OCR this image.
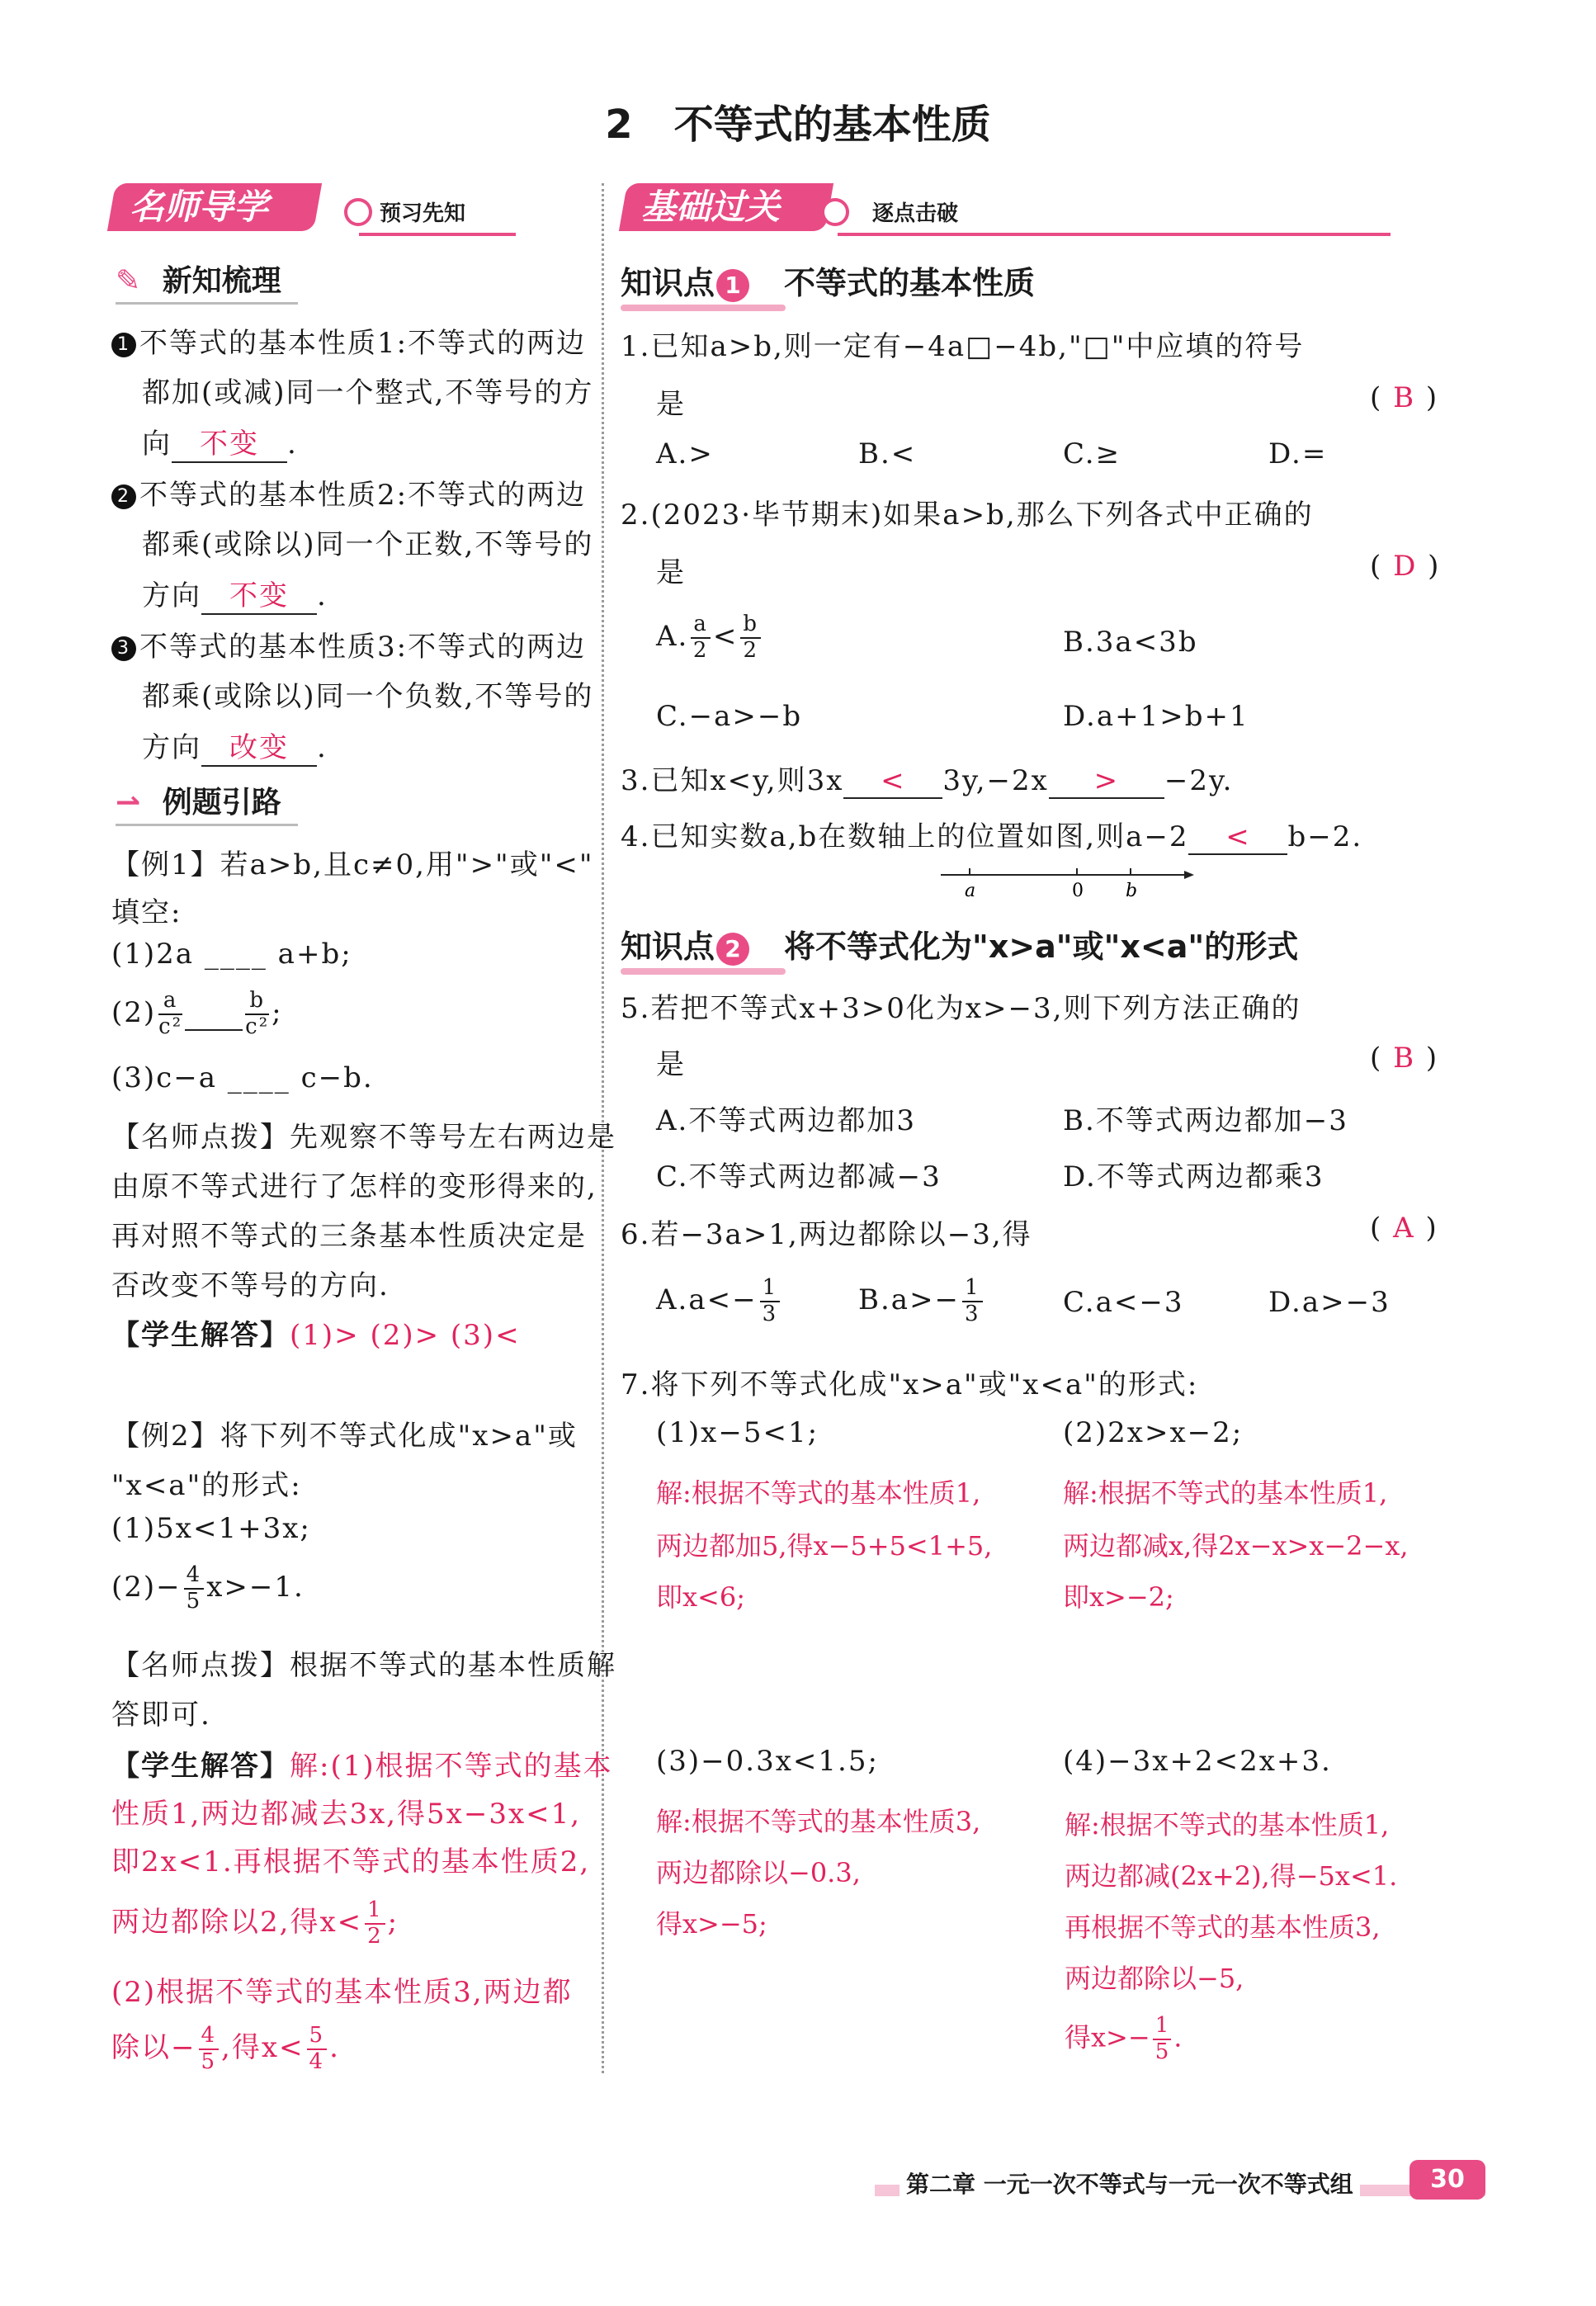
2 不等式的基本性质
名师导学	预习先知	基础过关	逐点击破
✎ 新知梳理
1 不等式的基本性质1:不等式的两边
都加(或减)同一个整式,不等号的方
向 不变 .
2 不等式的基本性质2:不等式的两边
都乘(或除以)同一个正数,不等号的
方向 不变 .
3 不等式的基本性质3:不等式的两边
都乘(或除以)同一个负数,不等号的
方向 改变 .
⇀ 例题引路
【例1】若a>b,且c≠0,用">"或"<"
填空:
(1)2a ____ a+b;
$(2) \frac{a}{\text{c²}}$
	$\frac{b}{\text{c²}}$ ;
(3)c−a ____ c−b.
【名师点拨】先观察不等号左右两边是
由原不等式进行了怎样的变形得来的,
再对照不等式的三条基本性质决定是
否改变不等号的方向.
【学生解答】(1)> (2)> (3)<
【例2】将下列不等式化成"x>a"或
"x<a"的形式:
(1)5x<1+3x;
$(2)- \frac{4}{5} x>-1$.
【名师点拨】根据不等式的基本性质解
答即可.
【学生解答】解:(1)根据不等式的基本
性质1,两边都减去3x,得5x−3x<1,
即2x<1.再根据不等式的基本性质2,
两边都除以2,得$x< \frac{1}{2}$ ;
(2)根据不等式的基本性质3,两边都
除以− $\frac{4}{5}$ ,得$x< \frac{5}{4}$ .
知识点 1 不等式的基本性质
1.已知a>b,则一定有−4a□−4b,"□"中应填的符号
是	( B )
A.>	B.<	C.≥	D.=
2.(2023·毕节期末)如果a>b,那么下列各式中正确的
是	( D )
A. $\frac{a}{2} < \frac{b}{2}$	B.3a<3b
C.−a>−b	D.a+1>b+1
3.已知x<y,则3x < 3y,−2x > −2y.
4.已知实数a,b在数轴上的位置如图,则a−2 < b−2.
a	0 b
知识点 2 将不等式化为"x>a"或"x<a"的形式
5.若把不等式x+3>0化为x>−3,则下列方法正确的
是	( B )
A.不等式两边都加3	B.不等式两边都加−3
C.不等式两边都减−3	D.不等式两边都乘3
6.若−3a>1,两边都除以−3,得	( A )
$A.a<- \frac{1}{3}$	$B.a>- \frac{1}{3}$	C.a<−3	D.a>−3
7.将下列不等式化成"x>a"或"x<a"的形式:
(1)x−5<1;
解:根据不等式的基本性质1,
两边都加5,得x−5+5<1+5,
即x<6;
(2)2x>x−2;
解:根据不等式的基本性质1,
两边都减x,得2x−x>x−2−x,
即x>−2;
(3)−0.3x<1.5;
解:根据不等式的基本性质3,
两边都除以−0.3,
得x>−5;
(4)−3x+2<2x+3.
解:根据不等式的基本性质1,
两边都减(2x+2),得−5x<1.
再根据不等式的基本性质3,
两边都除以−5,
得$x>- \frac{1}{5}$ .
第二章 一元一次不等式与一元一次不等式组	30
